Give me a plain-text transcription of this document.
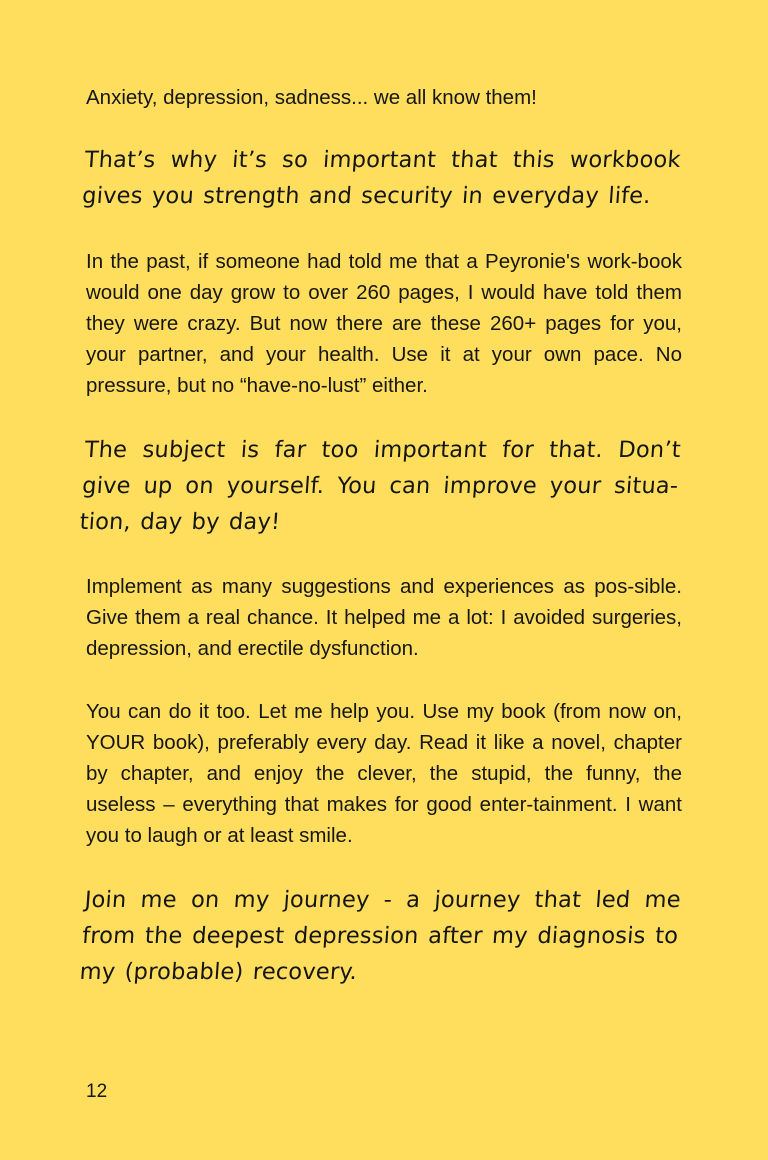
Anxiety, depression, sadness... we all know them!

That’s why it’s so important that this workbook gives you strength and security in everyday life.

In the past, if someone had told me that a Peyronie's work-book would one day grow to over 260 pages, I would have told them they were crazy. But now there are these 260+ pages for you, your partner, and your health. Use it at your own pace. No pressure, but no “have-no-lust” either.

The subject is far too important for that. Don’t give up on yourself. You can improve your situa-tion, day by day!

Implement as many suggestions and experiences as pos-sible. Give them a real chance. It helped me a lot: I avoided surgeries, depression, and erectile dysfunction.

You can do it too. Let me help you. Use my book (from now on, YOUR book), preferably every day. Read it like a novel, chapter by chapter, and enjoy the clever, the stupid, the funny, the useless – everything that makes for good enter-tainment. I want you to laugh or at least smile.

Join me on my journey - a journey that led me from the deepest depression after my diagnosis to my (probable) recovery.

12
